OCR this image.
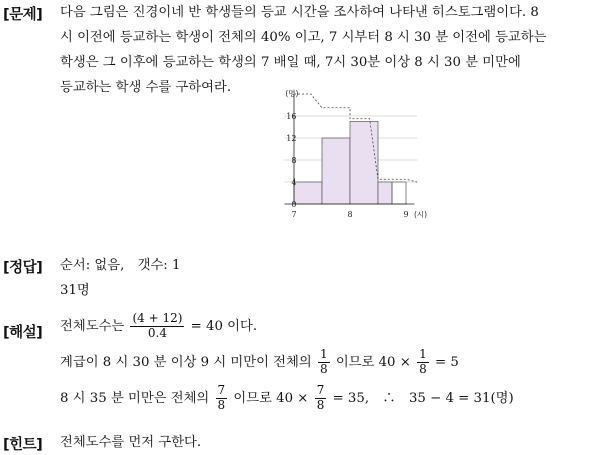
[문제] 다음 그림은 진경이네 반 학생들의 등교 시간을 조사하여 나타낸 히스토그램이다. 8
시 이전에 등교하는 학생이 전체의 40% 이고, 7 시부터 8 시 30 분 이전에 등교하는
학생은 그 이후에 등교하는 학생의 7 배일 때, 7시 30분 이상 8 시 30 분 미만에
등교하는 학생 수를 구하여라.
16
12
8
4
0
7	8	9
(명)
(시)
[정답] 순서: 없음,　갯수: 1
31명
[해설] 전체도수는 $\frac{(4 + 12)}{0.4} = 40$ 이다.
계급이 8 시 30 분 이상 9 시 미만이 전체의 $\frac{1}{8}$ 이므로 $40 \times \frac{1}{8} = 5$
8 시 35 분 미만은 전체의 $\frac{7}{8}$ 이므로 $40 \times \frac{7}{8} = 35$,　∴　35 − 4 = 31(명)
[힌트] 전체도수를 먼저 구한다.
